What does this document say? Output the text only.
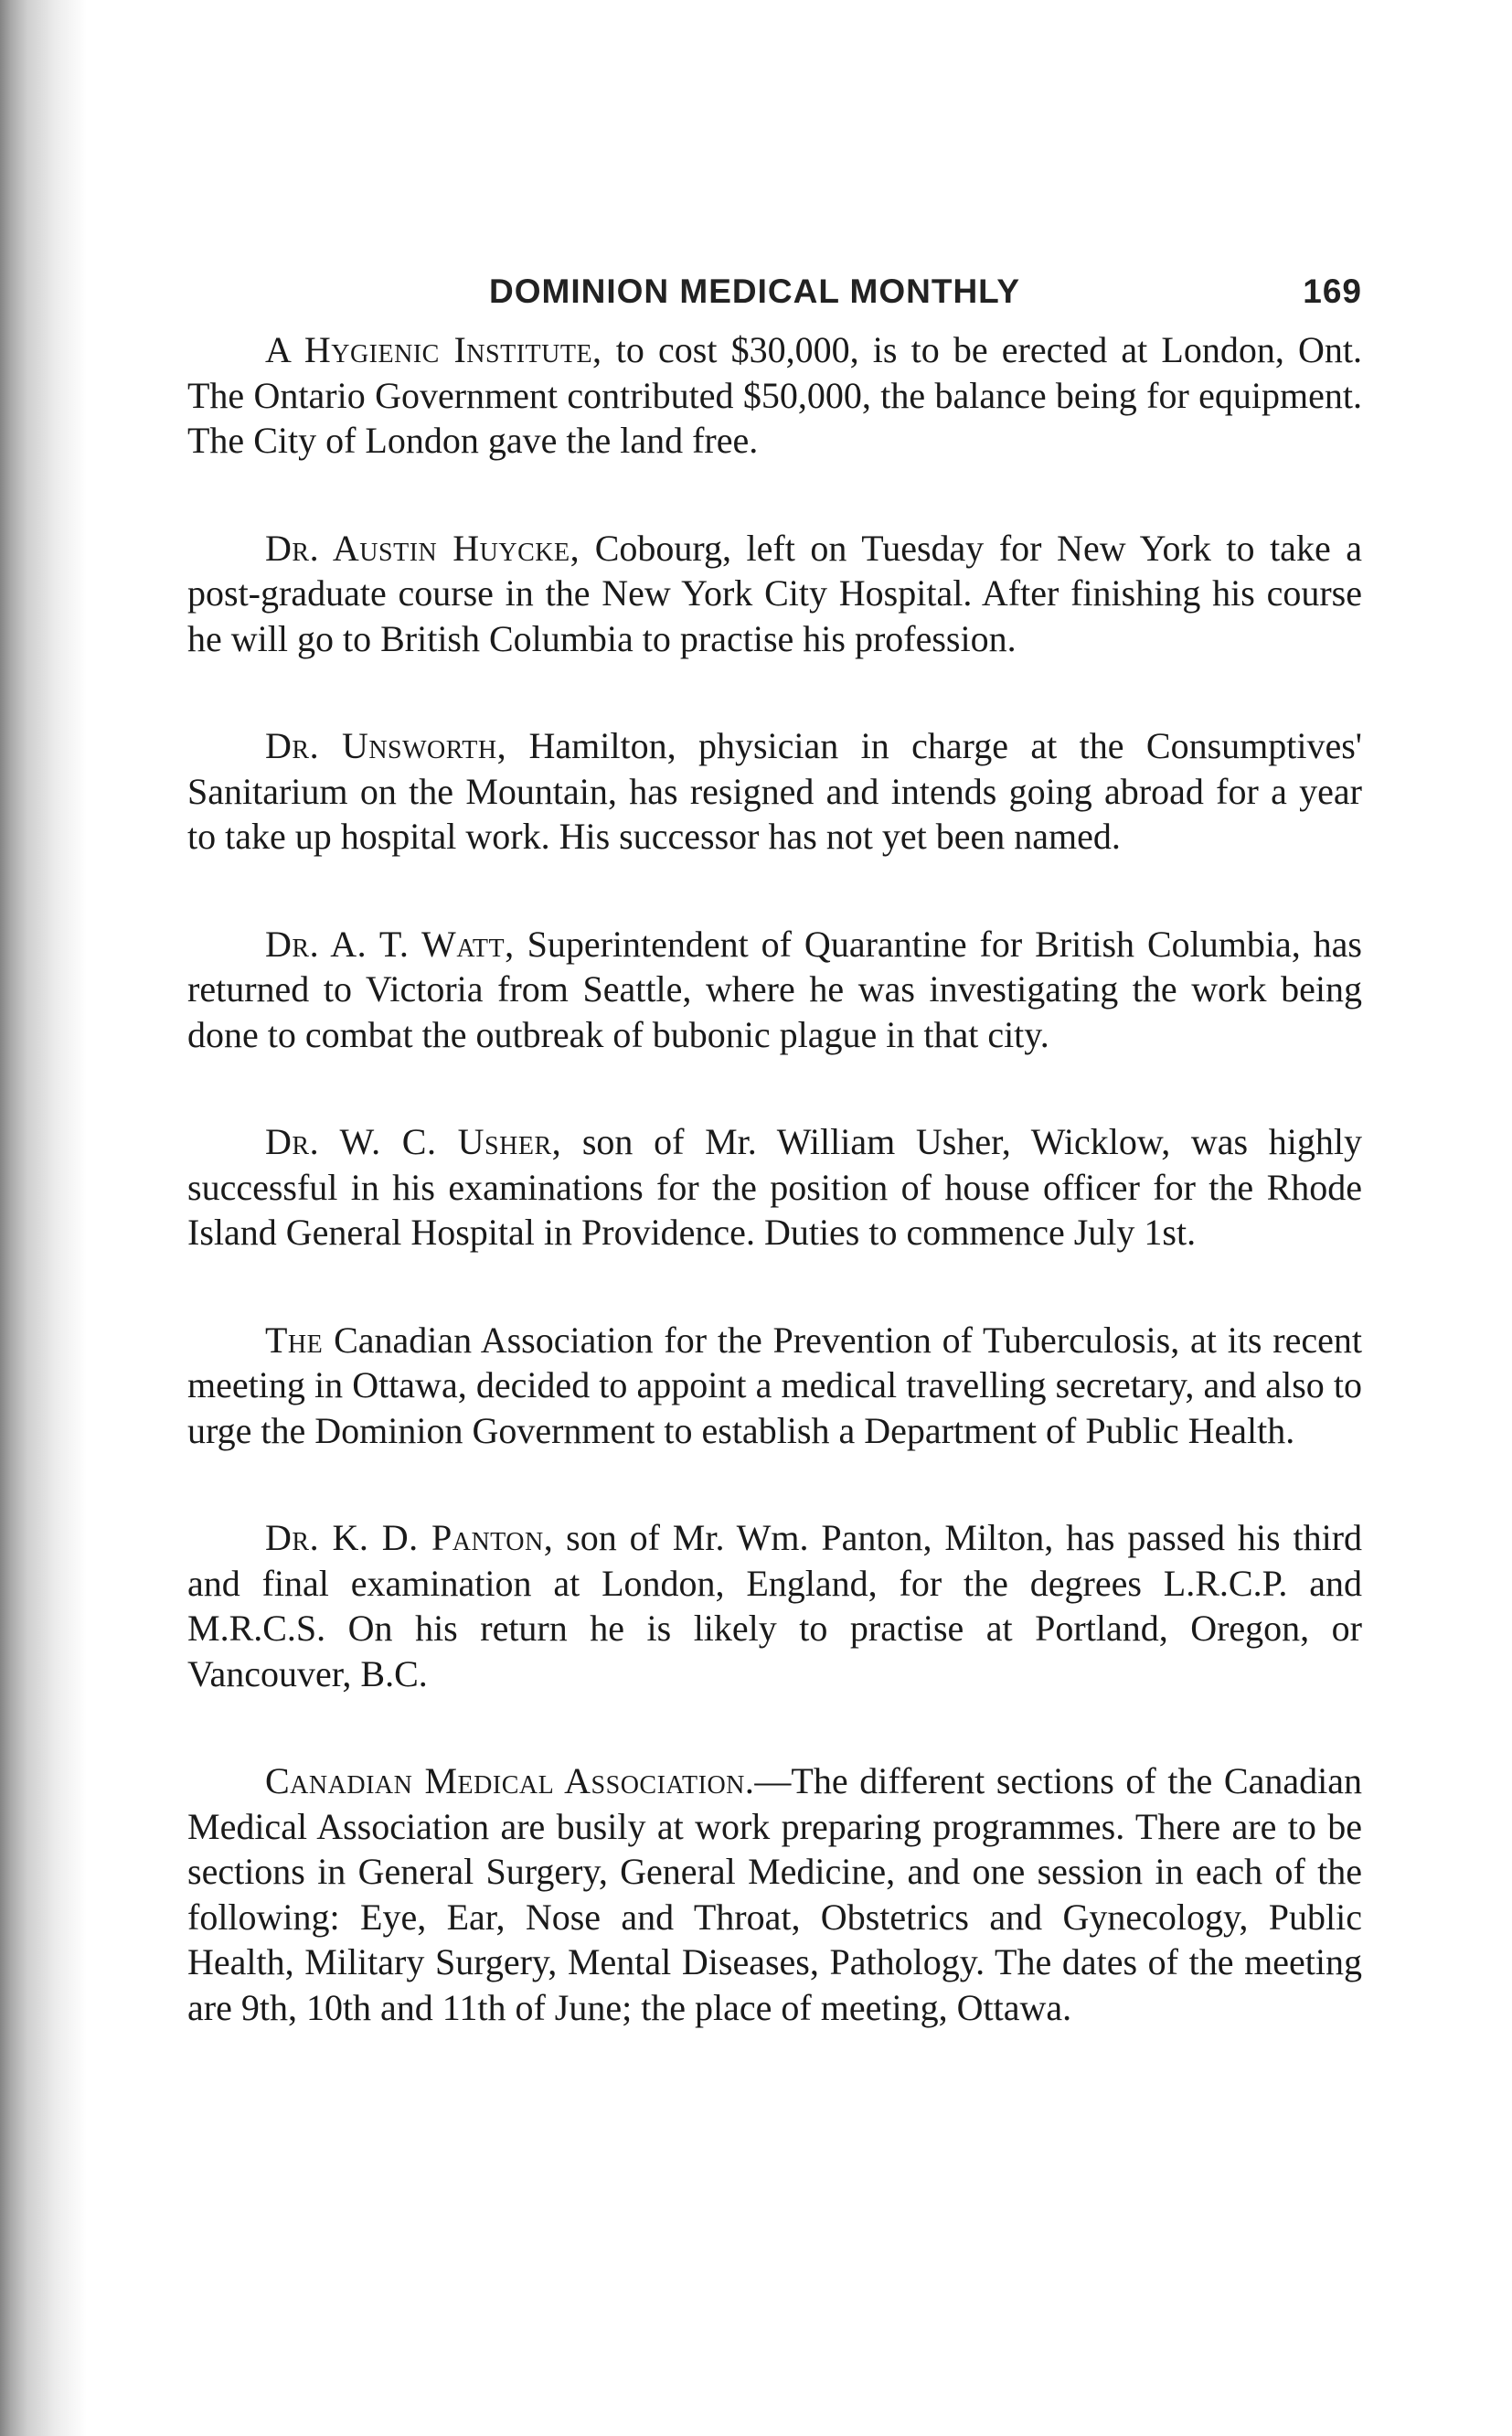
DOMINION MEDICAL MONTHLY	169

A Hygienic Institute, to cost $30,000, is to be erected at London, Ont. The Ontario Government contributed $50,000, the balance being for equipment. The City of London gave the land free.

Dr. Austin Huycke, Cobourg, left on Tuesday for New York to take a post-graduate course in the New York City Hospital. After finishing his course he will go to British Columbia to practise his profession.

Dr. Unsworth, Hamilton, physician in charge at the Consumptives' Sanitarium on the Mountain, has resigned and intends going abroad for a year to take up hospital work. His successor has not yet been named.

Dr. A. T. Watt, Superintendent of Quarantine for British Columbia, has returned to Victoria from Seattle, where he was investigating the work being done to combat the outbreak of bubonic plague in that city.

Dr. W. C. Usher, son of Mr. William Usher, Wicklow, was highly successful in his examinations for the position of house officer for the Rhode Island General Hospital in Providence. Duties to commence July 1st.

The Canadian Association for the Prevention of Tuberculosis, at its recent meeting in Ottawa, decided to appoint a medical travelling secretary, and also to urge the Dominion Government to establish a Department of Public Health.

Dr. K. D. Panton, son of Mr. Wm. Panton, Milton, has passed his third and final examination at London, England, for the degrees L.R.C.P. and M.R.C.S. On his return he is likely to practise at Portland, Oregon, or Vancouver, B.C.

Canadian Medical Association.—The different sections of the Canadian Medical Association are busily at work preparing programmes. There are to be sections in General Surgery, General Medicine, and one session in each of the following: Eye, Ear, Nose and Throat, Obstetrics and Gynecology, Public Health, Military Surgery, Mental Diseases, Pathology. The dates of the meeting are 9th, 10th and 11th of June; the place of meeting, Ottawa.
